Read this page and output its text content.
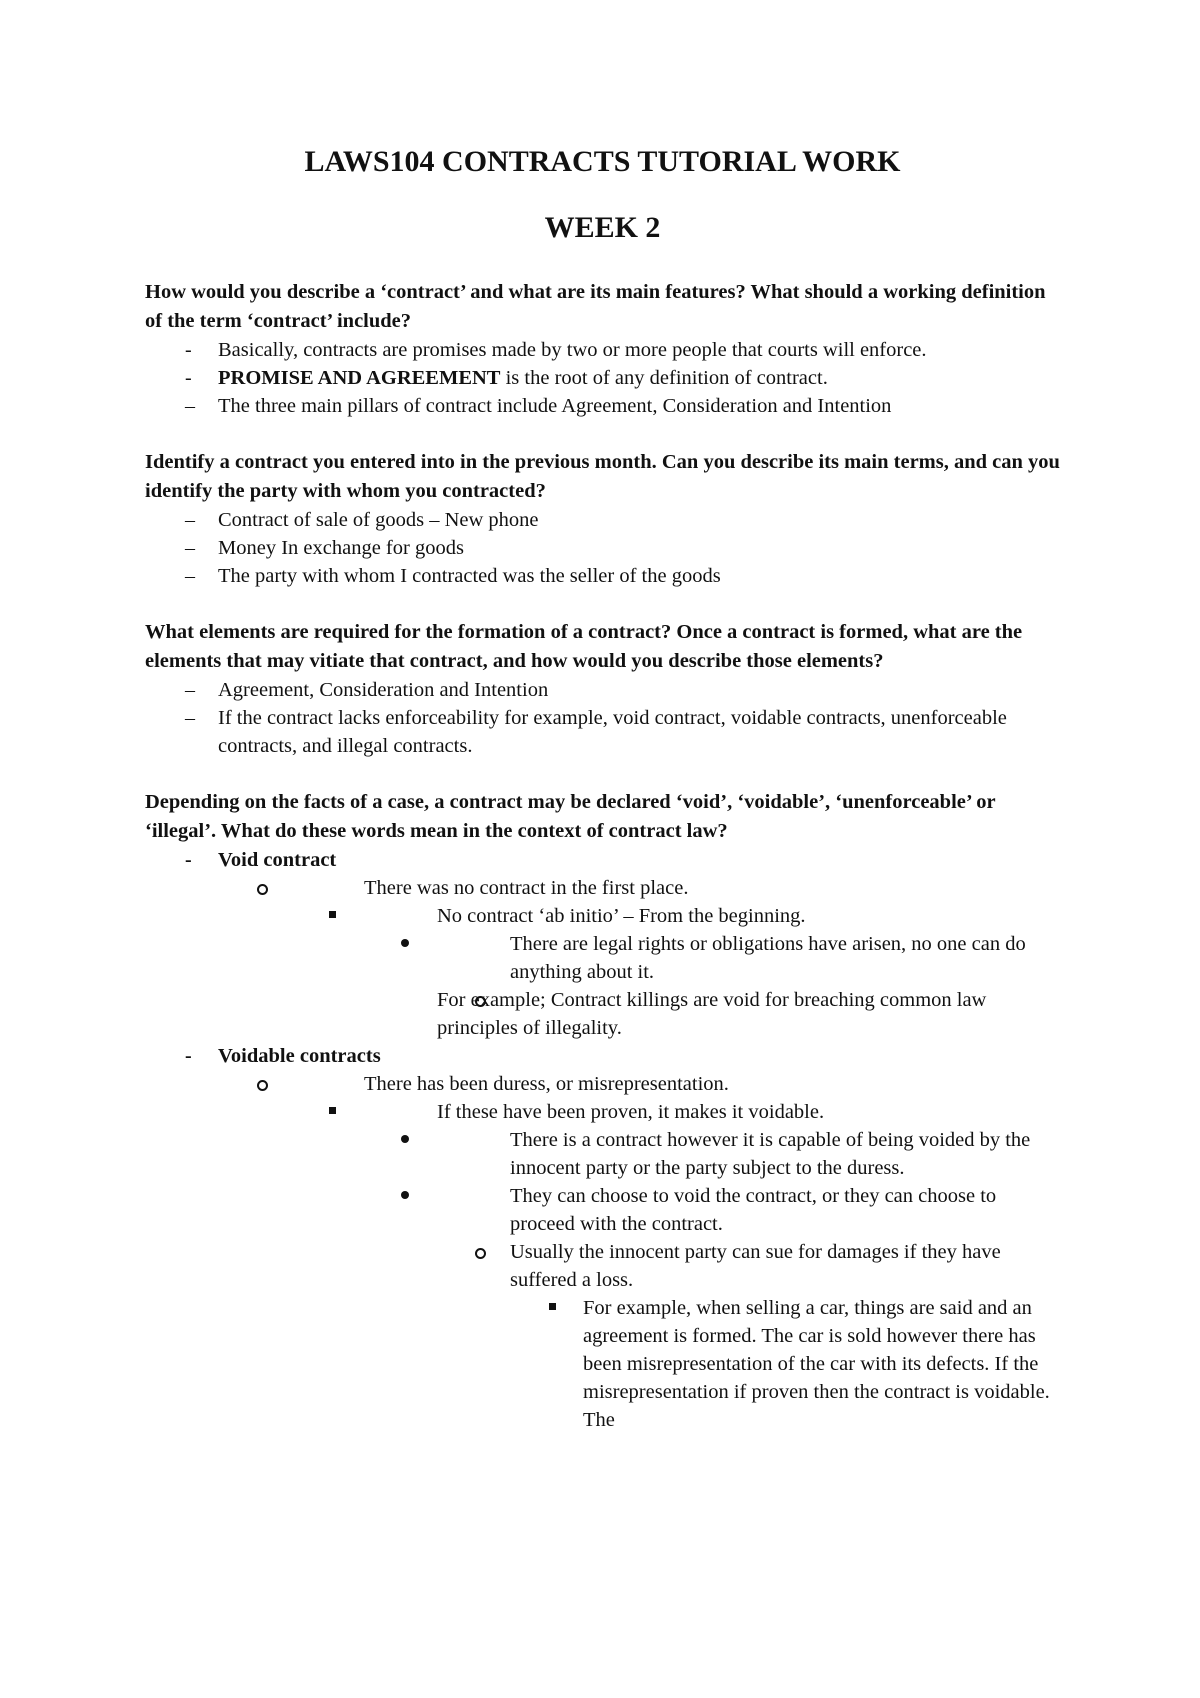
LAWS104 CONTRACTS TUTORIAL WORK
WEEK 2

How would you describe a ‘contract’ and what are its main features? What should a working definition of the term ‘contract’ include?

- Basically, contracts are promises made by two or more people that courts will enforce.
- PROMISE AND AGREEMENT is the root of any definition of contract.
– The three main pillars of contract include Agreement, Consideration and Intention

Identify a contract you entered into in the previous month. Can you describe its main terms, and can you identify the party with whom you contracted?

– Contract of sale of goods – New phone
– Money In exchange for goods
– The party with whom I contracted was the seller of the goods

What elements are required for the formation of a contract? Once a contract is formed, what are the elements that may vitiate that contract, and how would you describe those elements?

– Agreement, Consideration and Intention
– If the contract lacks enforceability for example, void contract, voidable contracts, unenforceable contracts, and illegal contracts.

Depending on the facts of a case, a contract may be declared ‘void’, ‘voidable’, ‘unenforceable’ or ‘illegal’. What do these words mean in the context of contract law?

- Void contract
There was no contract in the first place.
No contract ‘ab initio’ – From the beginning.
There are legal rights or obligations have arisen, no one can do anything about it.
For example; Contract killings are void for breaching common law principles of illegality.
- Voidable contracts
There has been duress, or misrepresentation.
If these have been proven, it makes it voidable.
There is a contract however it is capable of being voided by the innocent party or the party subject to the duress.
They can choose to void the contract, or they can choose to proceed with the contract.
Usually the innocent party can sue for damages if they have suffered a loss.
For example, when selling a car, things are said and an agreement is formed. The car is sold however there has been misrepresentation of the car with its defects. If the misrepresentation if proven then the contract is voidable. The
